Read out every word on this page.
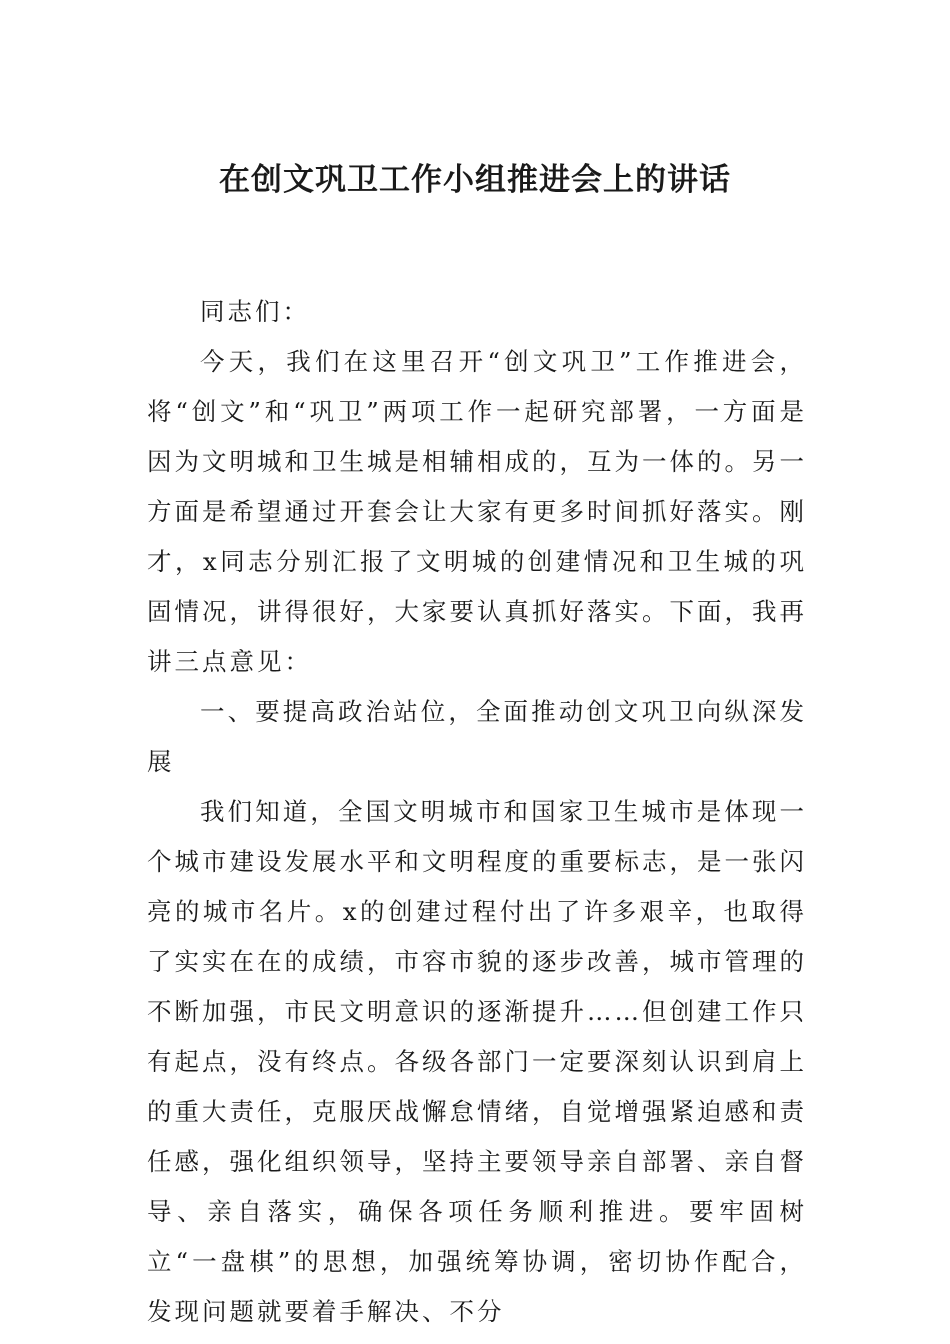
在创文巩卫工作小组推进会上的讲话

同志们：

今天，我们在这里召开“创文巩卫”工作推进会，将“创文”和“巩卫”两项工作一起研究部署，一方面是因为文明城和卫生城是相辅相成的，互为一体的。另一方面是希望通过开套会让大家有更多时间抓好落实。刚才，x同志分别汇报了文明城的创建情况和卫生城的巩固情况，讲得很好，大家要认真抓好落实。下面，我再讲三点意见：

一、要提高政治站位，全面推动创文巩卫向纵深发展

我们知道，全国文明城市和国家卫生城市是体现一个城市建设发展水平和文明程度的重要标志，是一张闪亮的城市名片。x的创建过程付出了许多艰辛，也取得了实实在在的成绩，市容市貌的逐步改善，城市管理的不断加强，市民文明意识的逐渐提升……但创建工作只有起点，没有终点。各级各部门一定要深刻认识到肩上的重大责任，克服厌战懈怠情绪，自觉增强紧迫感和责任感，强化组织领导，坚持主要领导亲自部署、亲自督导、亲自落实，确保各项任务顺利推进。要牢固树立“一盘棋”的思想，加强统筹协调，密切协作配合，发现问题就要着手解决、不分
